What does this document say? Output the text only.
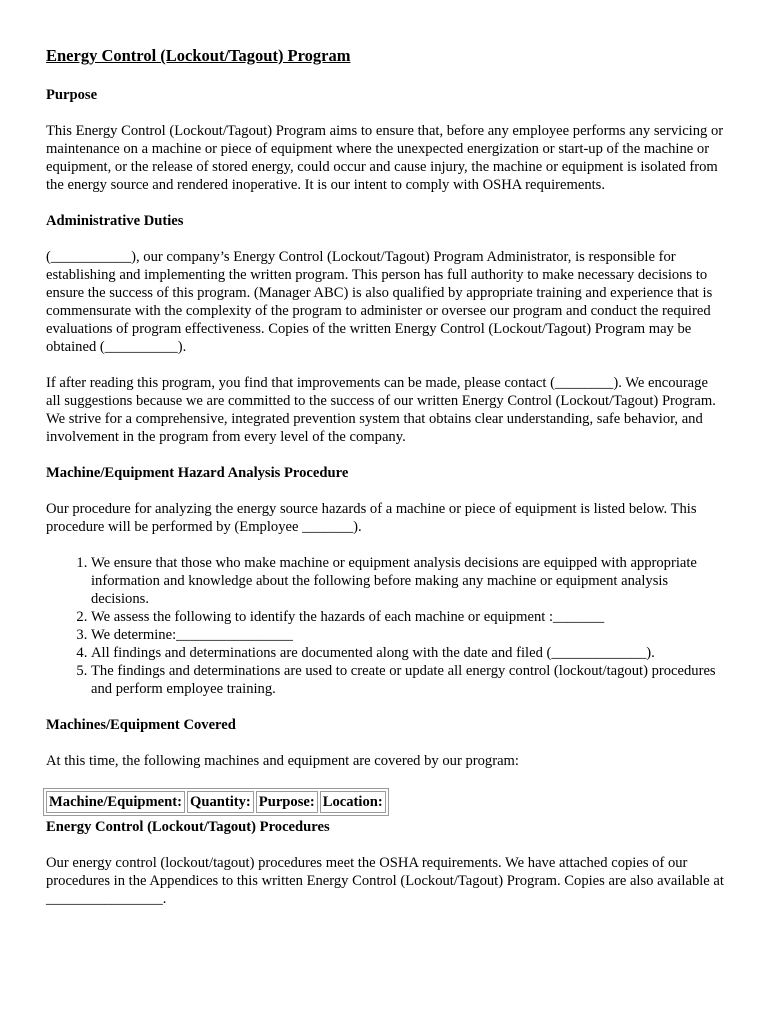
Energy Control (Lockout/Tagout) Program
Purpose

This Energy Control (Lockout/Tagout) Program aims to ensure that, before any employee performs any servicing or maintenance on a machine or piece of equipment where the unexpected energization or start-up of the machine or equipment, or the release of stored energy, could occur and cause injury, the machine or equipment is isolated from the energy source and rendered inoperative. It is our intent to comply with OSHA requirements.

Administrative Duties

(___________), our company’s Energy Control (Lockout/Tagout) Program Administrator, is responsible for establishing and implementing the written program. This person has full authority to make necessary decisions to ensure the success of this program. (Manager ABC) is also qualified by appropriate training and experience that is commensurate with the complexity of the program to administer or oversee our program and conduct the required evaluations of program effectiveness. Copies of the written Energy Control (Lockout/Tagout) Program may be obtained (__________).

If after reading this program, you find that improvements can be made, please contact (________). We encourage all suggestions because we are committed to the success of our written Energy Control (Lockout/Tagout) Program. We strive for a comprehensive, integrated prevention system that obtains clear understanding, safe behavior, and involvement in the program from every level of the company.

Machine/Equipment Hazard Analysis Procedure

Our procedure for analyzing the energy source hazards of a machine or piece of equipment is listed below. This procedure will be performed by (Employee _______).

1. We ensure that those who make machine or equipment analysis decisions are equipped with appropriate information and knowledge about the following before making any machine or equipment analysis decisions.
2. We assess the following to identify the hazards of each machine or equipment :_______
3. We determine:________________
4. All findings and determinations are documented along with the date and filed (_____________).
5. The findings and determinations are used to create or update all energy control (lockout/tagout) procedures and perform employee training.
Machines/Equipment Covered

At this time, the following machines and equipment are covered by our program:

Machine/Equipment:	Quantity:	Purpose:	Location:
Energy Control (Lockout/Tagout) Procedures

Our energy control (lockout/tagout) procedures meet the OSHA requirements. We have attached copies of our procedures in the Appendices to this written Energy Control (Lockout/Tagout) Program. Copies are also available at ________________.
